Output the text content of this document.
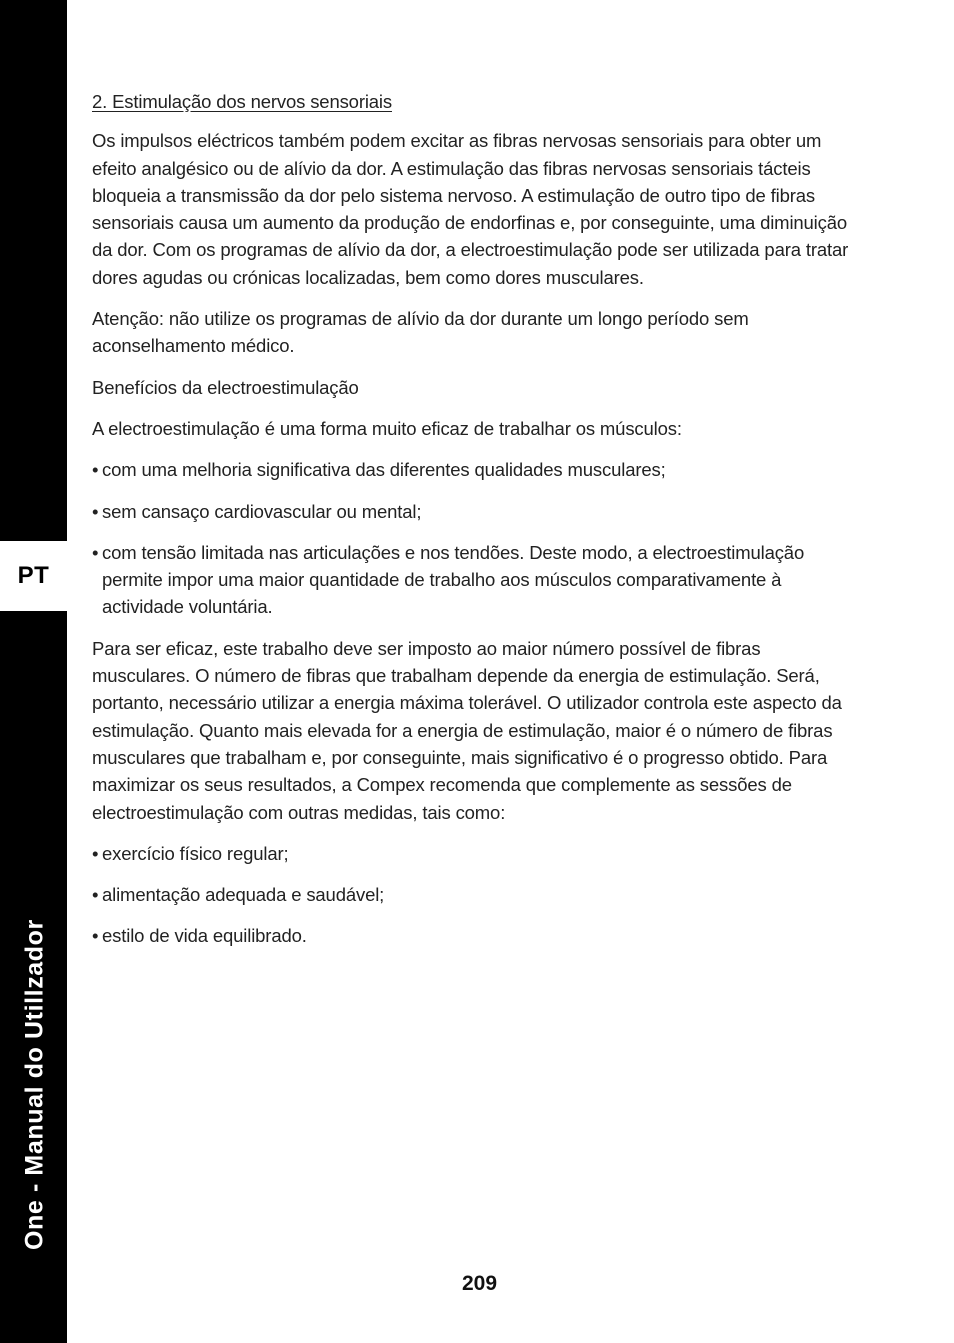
PT
One - Manual do Utillzador

2. Estimulação dos nervos sensoriais

Os impulsos eléctricos também podem excitar as fibras nervosas sensoriais para obter um efeito analgésico ou de alívio da dor. A estimulação das fibras nervosas sensoriais tácteis bloqueia a transmissão da dor pelo sistema nervoso. A estimulação de outro tipo de fibras sensoriais causa um aumento da produção de endorfinas e, por conseguinte, uma diminuição da dor. Com os programas de alívio da dor, a electroestimulação pode ser utilizada para tratar dores agudas ou crónicas localizadas, bem como dores musculares.

Atenção: não utilize os programas de alívio da dor durante um longo período sem aconselhamento médico.

Benefícios da electroestimulação

A electroestimulação é uma forma muito eficaz de trabalhar os músculos:

• com uma melhoria significativa das diferentes qualidades musculares;
• sem cansaço cardiovascular ou mental;
• com tensão limitada nas articulações e nos tendões. Deste modo, a electroestimulação permite impor uma maior quantidade de trabalho aos músculos comparativamente à actividade voluntária.

Para ser eficaz, este trabalho deve ser imposto ao maior número possível de fibras musculares. O número de fibras que trabalham depende da energia de estimulação. Será, portanto, necessário utilizar a energia máxima tolerável. O utilizador controla este aspecto da estimulação. Quanto mais elevada for a energia de estimulação, maior é o número de fibras musculares que trabalham e, por conseguinte, mais significativo é o progresso obtido. Para maximizar os seus resultados, a Compex recomenda que complemente as sessões de electroestimulação com outras medidas, tais como:

• exercício físico regular;
• alimentação adequada e saudável;
• estilo de vida equilibrado.
209
